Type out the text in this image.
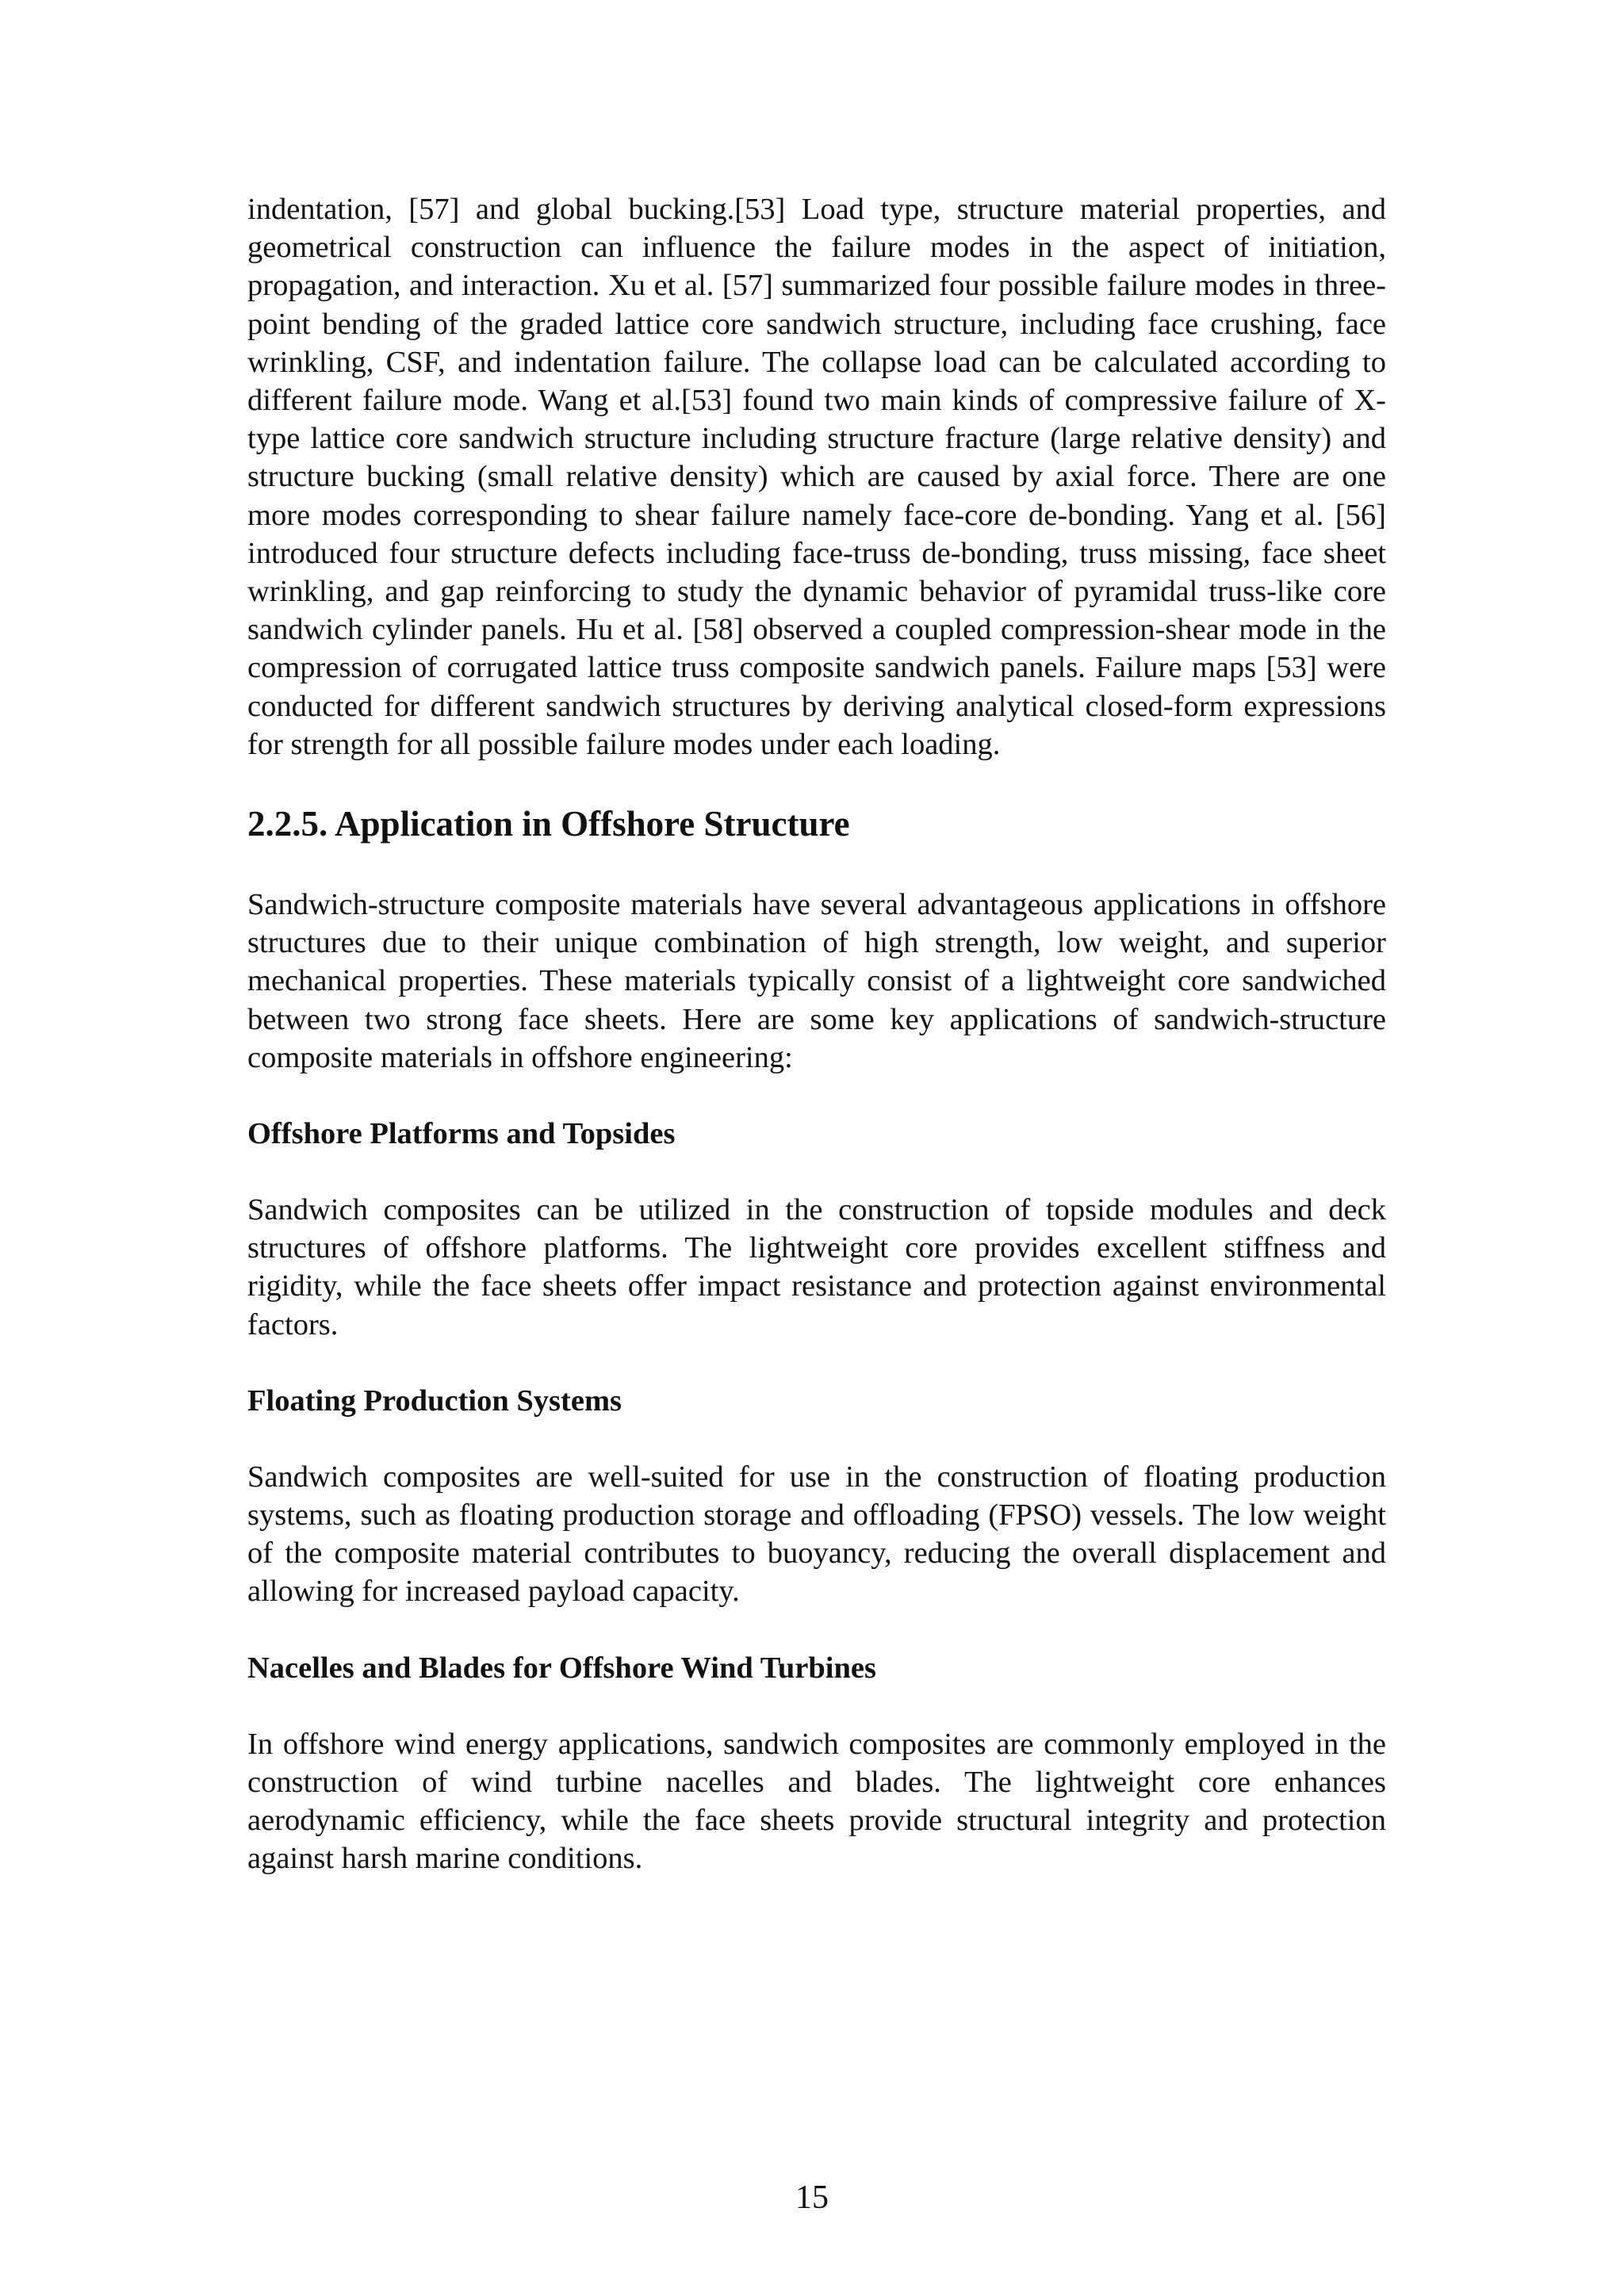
indentation, [57] and global bucking.[53] Load type, structure material properties, and geometrical construction can influence the failure modes in the aspect of initiation, propagation, and interaction. Xu et al. [57] summarized four possible failure modes in three-point bending of the graded lattice core sandwich structure, including face crushing, face wrinkling, CSF, and indentation failure. The collapse load can be calculated according to different failure mode. Wang et al.[53] found two main kinds of compressive failure of X-type lattice core sandwich structure including structure fracture (large relative density) and structure bucking (small relative density) which are caused by axial force. There are one more modes corresponding to shear failure namely face-core de-bonding. Yang et al. [56] introduced four structure defects including face-truss de-bonding, truss missing, face sheet wrinkling, and gap reinforcing to study the dynamic behavior of pyramidal truss-like core sandwich cylinder panels. Hu et al. [58] observed a coupled compression-shear mode in the compression of corrugated lattice truss composite sandwich panels. Failure maps [53] were conducted for different sandwich structures by deriving analytical closed-form expressions for strength for all possible failure modes under each loading.

2.2.5. Application in Offshore Structure

Sandwich-structure composite materials have several advantageous applications in offshore structures due to their unique combination of high strength, low weight, and superior mechanical properties. These materials typically consist of a lightweight core sandwiched between two strong face sheets. Here are some key applications of sandwich-structure composite materials in offshore engineering:

Offshore Platforms and Topsides

Sandwich composites can be utilized in the construction of topside modules and deck structures of offshore platforms. The lightweight core provides excellent stiffness and rigidity, while the face sheets offer impact resistance and protection against environmental factors.

Floating Production Systems

Sandwich composites are well-suited for use in the construction of floating production systems, such as floating production storage and offloading (FPSO) vessels. The low weight of the composite material contributes to buoyancy, reducing the overall displacement and allowing for increased payload capacity.

Nacelles and Blades for Offshore Wind Turbines

In offshore wind energy applications, sandwich composites are commonly employed in the construction of wind turbine nacelles and blades. The lightweight core enhances aerodynamic efficiency, while the face sheets provide structural integrity and protection against harsh marine conditions.

15
